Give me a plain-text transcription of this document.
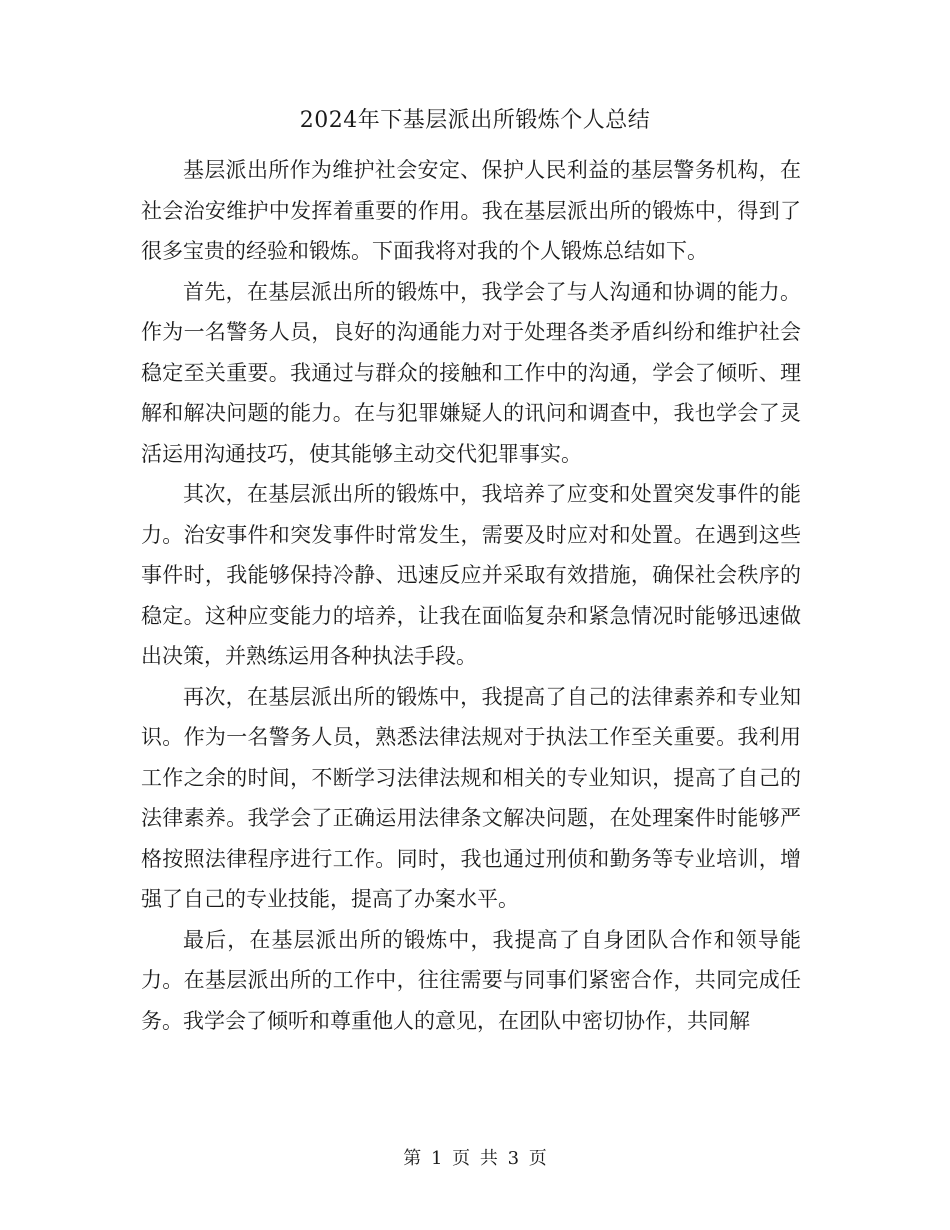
2024年下基层派出所锻炼个人总结

基层派出所作为维护社会安定、保护人民利益的基层警务机构，在社会治安维护中发挥着重要的作用。我在基层派出所的锻炼中，得到了很多宝贵的经验和锻炼。下面我将对我的个人锻炼总结如下。

首先，在基层派出所的锻炼中，我学会了与人沟通和协调的能力。作为一名警务人员，良好的沟通能力对于处理各类矛盾纠纷和维护社会稳定至关重要。我通过与群众的接触和工作中的沟通，学会了倾听、理解和解决问题的能力。在与犯罪嫌疑人的讯问和调查中，我也学会了灵活运用沟通技巧，使其能够主动交代犯罪事实。

其次，在基层派出所的锻炼中，我培养了应变和处置突发事件的能力。治安事件和突发事件时常发生，需要及时应对和处置。在遇到这些事件时，我能够保持冷静、迅速反应并采取有效措施，确保社会秩序的稳定。这种应变能力的培养，让我在面临复杂和紧急情况时能够迅速做出决策，并熟练运用各种执法手段。

再次，在基层派出所的锻炼中，我提高了自己的法律素养和专业知识。作为一名警务人员，熟悉法律法规对于执法工作至关重要。我利用工作之余的时间，不断学习法律法规和相关的专业知识，提高了自己的法律素养。我学会了正确运用法律条文解决问题，在处理案件时能够严格按照法律程序进行工作。同时，我也通过刑侦和勤务等专业培训，增强了自己的专业技能，提高了办案水平。

最后，在基层派出所的锻炼中，我提高了自身团队合作和领导能力。在基层派出所的工作中，往往需要与同事们紧密合作，共同完成任务。我学会了倾听和尊重他人的意见，在团队中密切协作，共同解

第 1 页 共 3 页
